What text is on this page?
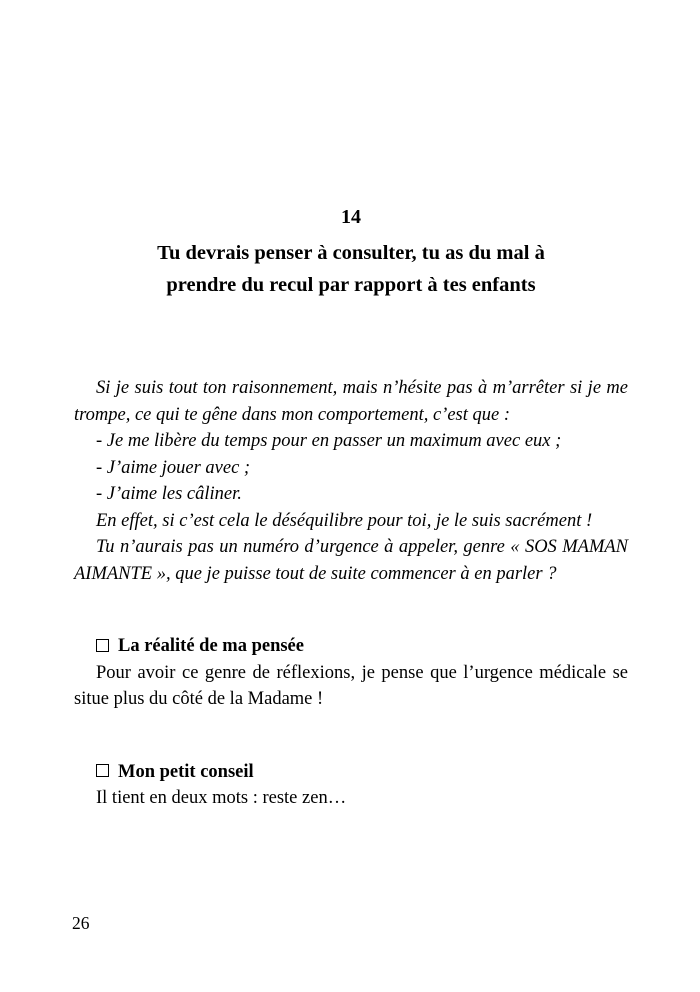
14
Tu devrais penser à consulter, tu as du mal à
prendre du recul par rapport à tes enfants

Si je suis tout ton raisonnement, mais n’hésite pas à m’arrêter si je me trompe, ce qui te gêne dans mon comportement, c’est que :

- Je me libère du temps pour en passer un maximum avec eux ;

- J’aime jouer avec ;

- J’aime les câliner.

En effet, si c’est cela le déséquilibre pour toi, je le suis sacrément !

Tu n’aurais pas un numéro d’urgence à appeler, genre « SOS MAMAN AIMANTE », que je puisse tout de suite commencer à en parler ?

La réalité de ma pensée

Pour avoir ce genre de réflexions, je pense que l’urgence médicale se situe plus du côté de la Madame !

Mon petit conseil

Il tient en deux mots : reste zen…

26
